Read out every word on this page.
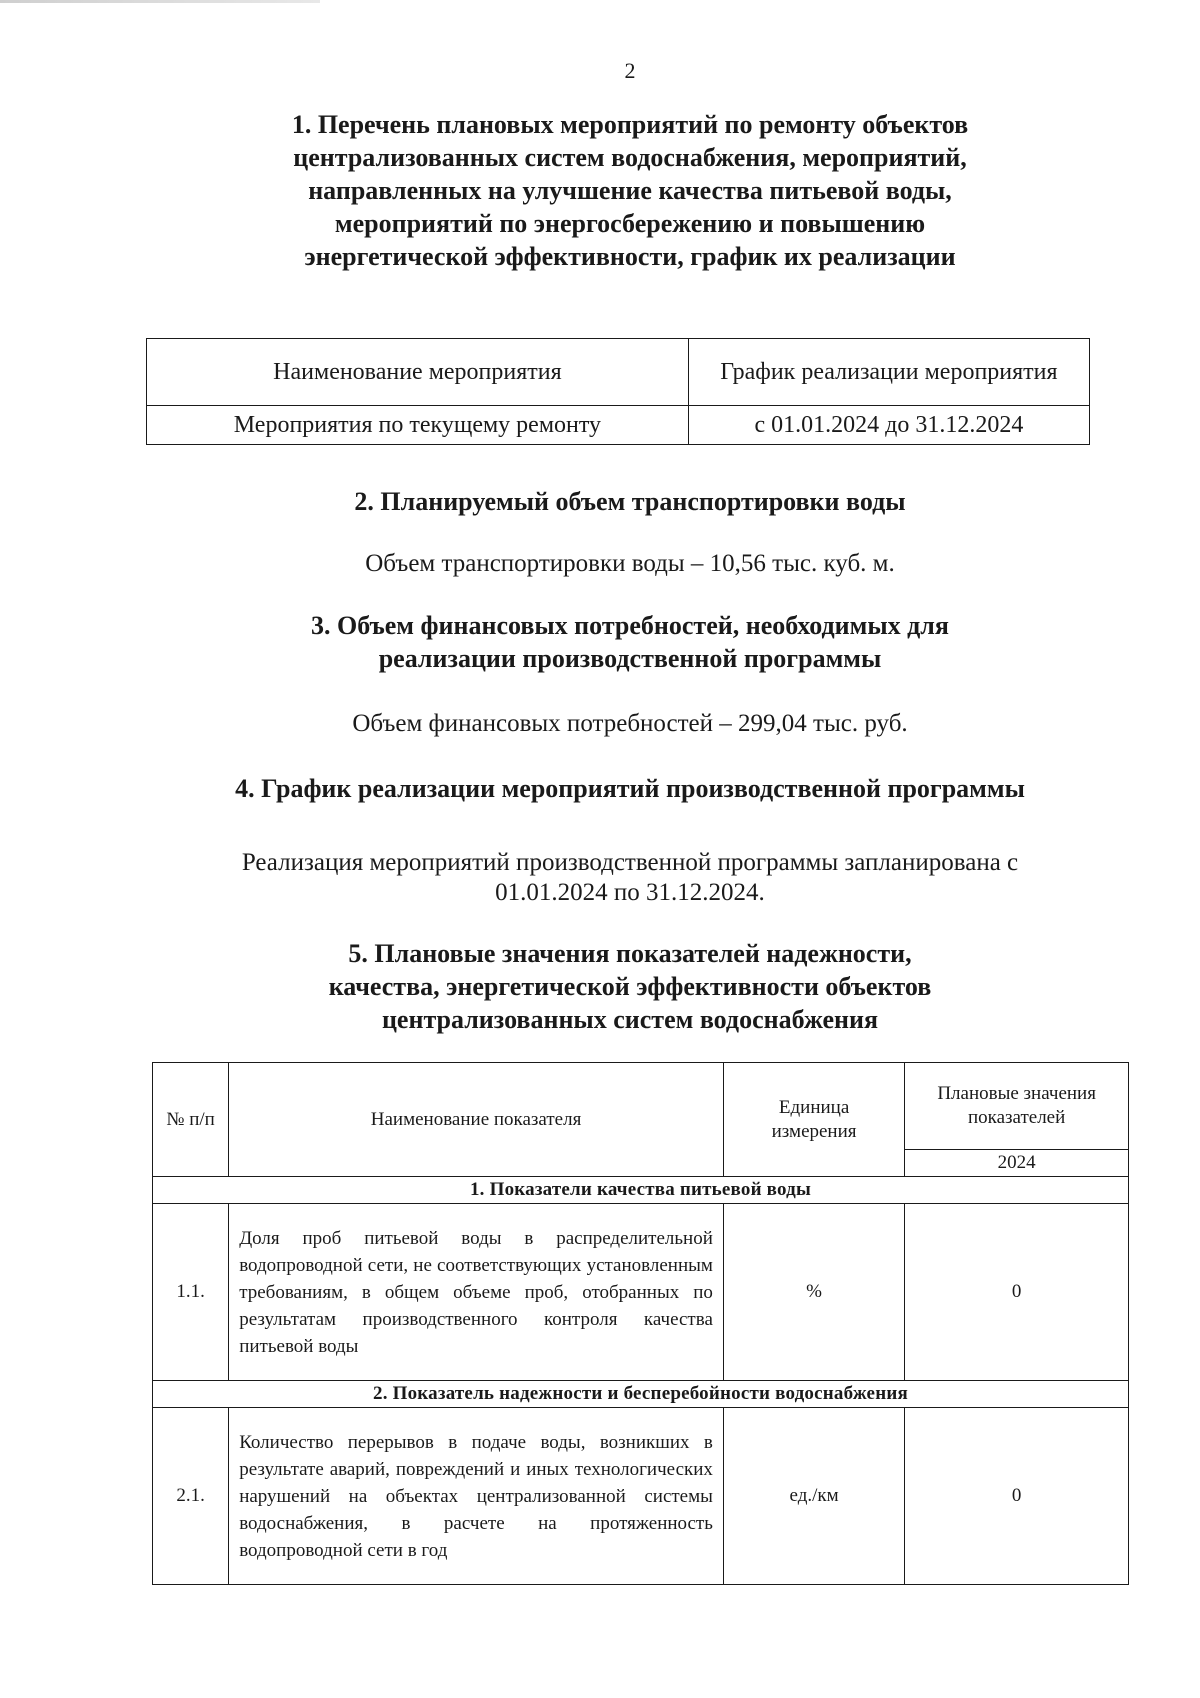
2
1. Перечень плановых мероприятий по ремонту объектов централизованных систем водоснабжения, мероприятий, направленных на улучшение качества питьевой воды, мероприятий по энергосбережению и повышению энергетической эффективности, график их реализации
Наименование мероприятия	График реализации мероприятия
Мероприятия по текущему ремонту	с 01.01.2024 до 31.12.2024
2. Планируемый объем транспортировки воды
Объем транспортировки воды – 10,56 тыс. куб. м.
3. Объем финансовых потребностей, необходимых для реализации производственной программы
Объем финансовых потребностей – 299,04 тыс. руб.
4. График реализации мероприятий производственной программы
Реализация мероприятий производственной программы запланирована с 01.01.2024 по 31.12.2024.
5. Плановые значения показателей надежности, качества, энергетической эффективности объектов централизованных систем водоснабжения
№ п/п	Наименование показателя	Единица измерения	Плановые значения показателей
			2024
1. Показатели качества питьевой воды			
1.1.	Доля проб питьевой воды в распределительной водопроводной сети, не соответствующих установленным требованиям, в общем объеме проб, отобранных по результатам производственного контроля качества питьевой воды	%	0
2. Показатель надежности и бесперебойности водоснабжения			
2.1.	Количество перерывов в подаче воды, возникших в результате аварий, повреждений и иных технологических нарушений на объектах централизованной системы водоснабжения, в расчете на протяженность водопроводной сети в год	ед./км	0
